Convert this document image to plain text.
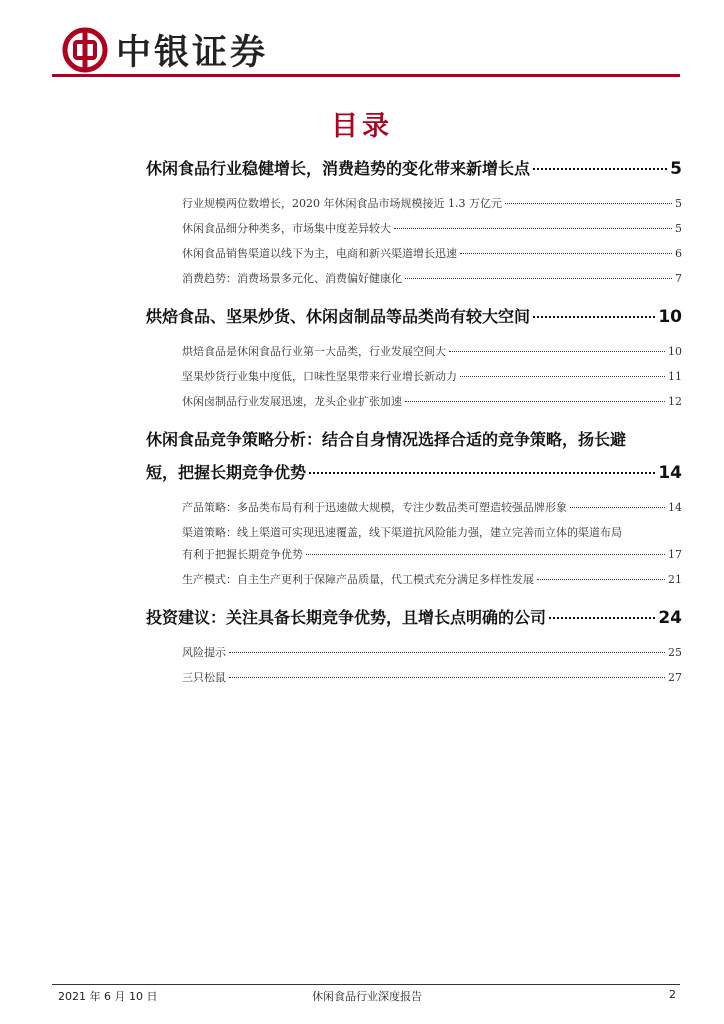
中银证券
目录
休闲食品行业稳健增长，消费趋势的变化带来新增长点	5
行业规模两位数增长，2020 年休闲食品市场规模接近 1.3 万亿元	5
休闲食品细分种类多，市场集中度差异较大	5
休闲食品销售渠道以线下为主，电商和新兴渠道增长迅速	6
消费趋势：消费场景多元化、消费偏好健康化	7
烘焙食品、坚果炒货、休闲卤制品等品类尚有较大空间	10
烘焙食品是休闲食品行业第一大品类，行业发展空间大	10
坚果炒货行业集中度低，口味性坚果带来行业增长新动力	11
休闲卤制品行业发展迅速，龙头企业扩张加速	12
休闲食品竞争策略分析：结合自身情况选择合适的竞争策略，扬长避
短，把握长期竞争优势	14
产品策略：多品类布局有利于迅速做大规模，专注少数品类可塑造较强品牌形象	14
渠道策略：线上渠道可实现迅速覆盖，线下渠道抗风险能力强，建立完善而立体的渠道布局
有利于把握长期竞争优势	17
生产模式：自主生产更利于保障产品质量，代工模式充分满足多样性发展	21
投资建议：关注具备长期竞争优势，且增长点明确的公司	24
风险提示	25
三只松鼠	27
2021 年 6 月 10 日	休闲食品行业深度报告	2
